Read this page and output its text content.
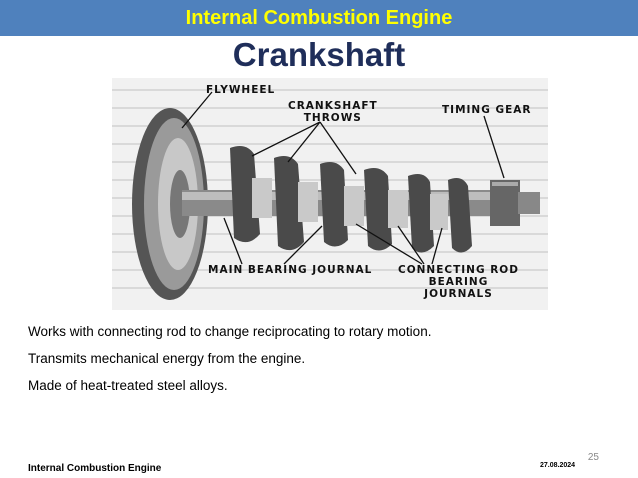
Internal Combustion Engine
Crankshaft
FLYWHEEL
CRANKSHAFT
THROWS
TIMING GEAR
MAIN BEARING JOURNAL CONNECTING ROD
BEARING
JOURNALS
Works with connecting rod to change reciprocating to rotary motion.
Transmits mechanical energy from the engine.
Made of heat-treated steel alloys.
25
Internal Combustion Engine	27.08.2024
